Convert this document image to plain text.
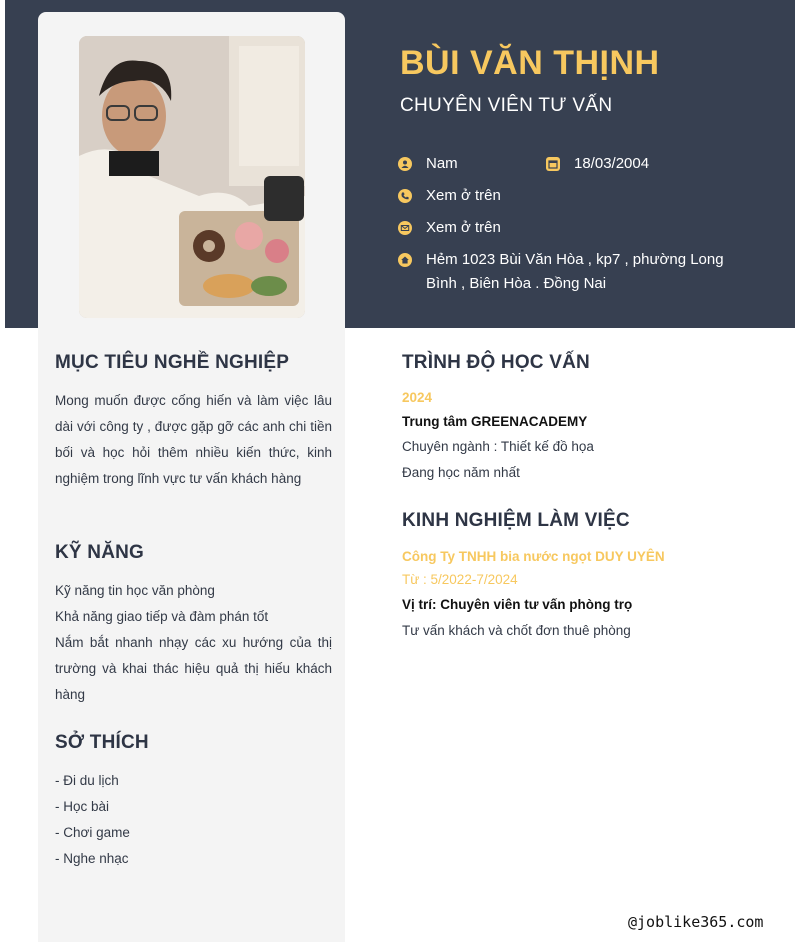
BÙI VĂN THỊNH
CHUYÊN VIÊN TƯ VẤN
Nam	18/03/2004
Xem ở trên
Xem ở trên
Hẻm 1023 Bùi Văn Hòa , kp7 , phường Long Bình , Biên Hòa . Đồng Nai
MỤC TIÊU NGHỀ NGHIỆP
Mong muốn được cống hiến và làm việc lâu dài với công ty , được gặp gỡ các anh chi tiền bối và học hỏi thêm nhiều kiến thức, kinh nghiệm trong lĩnh vực tư vấn khách hàng
KỸ NĂNG
Kỹ năng tin học văn phòng
Khả năng giao tiếp và đàm phán tốt
Nắm bắt nhanh nhạy các xu hướng của thị trường và khai thác hiệu quả thị hiếu khách hàng
SỞ THÍCH
- Đi du lịch
- Học bài
- Chơi game
- Nghe nhạc
TRÌNH ĐỘ HỌC VẤN
2024
Trung tâm GREENACADEMY
Chuyên ngành : Thiết kế đồ họa
Đang học năm nhất
KINH NGHIỆM LÀM VIỆC
Công Ty TNHH bia nước ngọt DUY UYÊN
Từ : 5/2022-7/2024
Vị trí: Chuyên viên tư vấn phòng trọ
Tư vấn khách và chốt đơn thuê phòng
@joblike365.com
